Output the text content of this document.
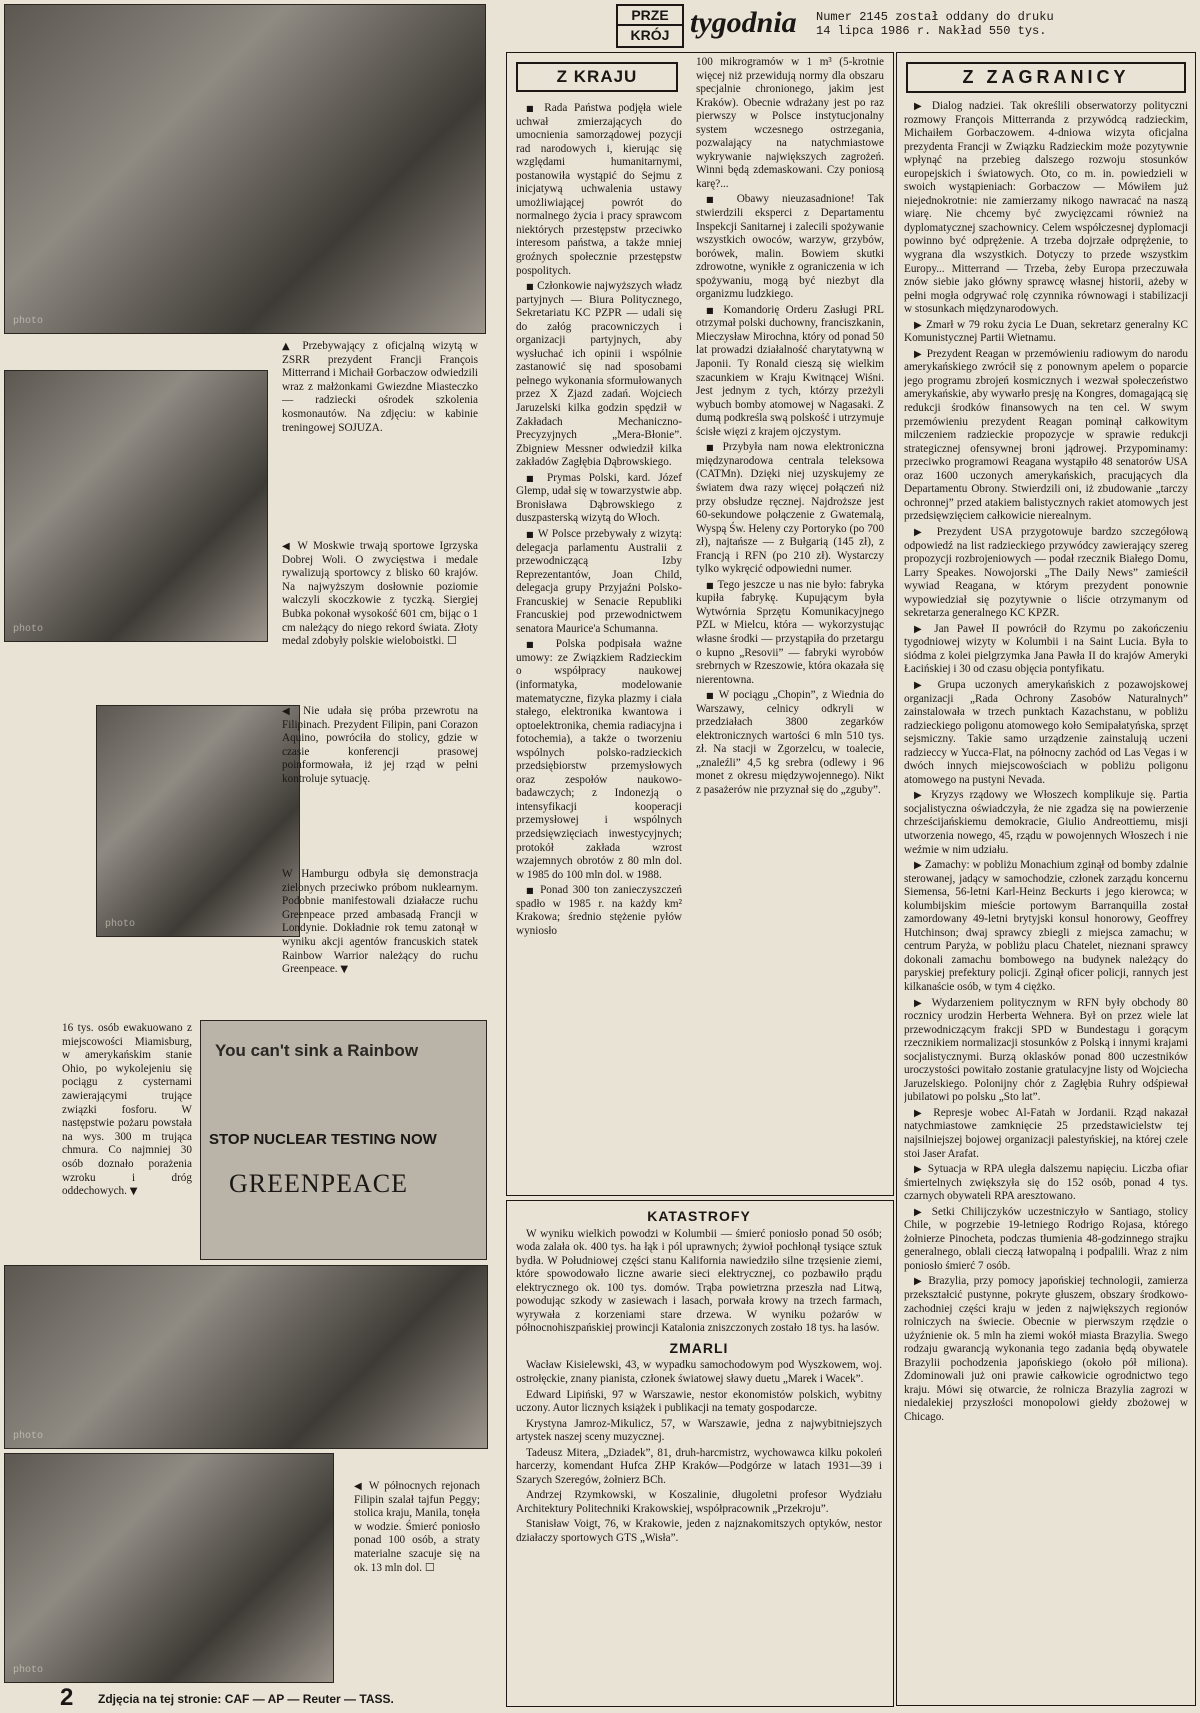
photo
photo
photo
You can't sink a Rainbow
STOP NUCLEAR TESTING NOW
GREENPEACE
photo
photo
▲ Przebywający z oficjalną wizytą w ZSRR prezydent Francji François Mitterrand i Michaił Gorbaczow odwiedzili wraz z małżonkami Gwiezdne Miasteczko — radziecki ośrodek szkolenia kosmonautów. Na zdjęciu: w kabinie treningowej SOJUZA.
◀ W Moskwie trwają sportowe Igrzyska Dobrej Woli. O zwycięstwa i medale rywalizują sportowcy z blisko 60 krajów. Na najwyższym dosłownie poziomie walczyli skoczkowie z tyczką. Siergiej Bubka pokonał wysokość 601 cm, bijąc o 1 cm należący do niego rekord świata. Złoty medal zdobyły polskie wieloboistki. ☐
◀ Nie udała się próba przewrotu na Filipinach. Prezydent Filipin, pani Corazon Aquino, powróciła do stolicy, gdzie w czasie konferencji prasowej poinformowała, iż jej rząd w pełni kontroluje sytuację.
W Hamburgu odbyła się demonstracja zielonych przeciwko próbom nuklearnym. Podobnie manifestowali działacze ruchu Greenpeace przed ambasadą Francji w Londynie. Dokładnie rok temu zatonął w wyniku akcji agentów francuskich statek Rainbow Warrior należący do ruchu Greenpeace. ▼
16 tys. osób ewakuowano z miejscowości Miamisburg, w amerykańskim stanie Ohio, po wykolejeniu się pociągu z cysternami zawierającymi trujące związki fosforu. W następstwie pożaru powstała na wys. 300 m trująca chmura. Co najmniej 30 osób doznało porażenia wzroku i dróg oddechowych. ▼
◀ W północnych rejonach Filipin szalał tajfun Peggy; stolica kraju, Manila, tonęła w wodzie. Śmierć poniosło ponad 100 osób, a straty materialne szacuje się na ok. 13 mln dol. ☐
2 Zdjęcia na tej stronie: CAF — AP — Reuter — TASS.
PRZE
KRÓJ tygodnia Numer 2145 został oddany do druku
14 lipca 1986 r. Nakład 550 tys.
Z KRAJU

■ Rada Państwa podjęła wiele uchwał zmierzających do umocnienia samorządowej pozycji rad narodowych i, kierując się względami humanitarnymi, postanowiła wystąpić do Sejmu z inicjatywą uchwalenia ustawy umożliwiającej powrót do normalnego życia i pracy sprawcom niektórych przestępstw przeciwko interesom państwa, a także mniej groźnych społecznie przestępstw pospolitych.

■ Członkowie najwyższych władz partyjnych — Biura Politycznego, Sekretariatu KC PZPR — udali się do załóg pracowniczych i organizacji partyjnych, aby wysłuchać ich opinii i wspólnie zastanowić się nad sposobami pełnego wykonania sformułowanych przez X Zjazd zadań. Wojciech Jaruzelski kilka godzin spędził w Zakładach Mechaniczno-Precyzyjnych „Mera-Błonie”. Zbigniew Messner odwiedził kilka zakładów Zagłębia Dąbrowskiego.

■ Prymas Polski, kard. Józef Glemp, udał się w towarzystwie abp. Bronisława Dąbrowskiego z duszpasterską wizytą do Włoch.

■ W Polsce przebywały z wizytą: delegacja parlamentu Australii z przewodniczącą Izby Reprezentantów, Joan Child, delegacja grupy Przyjaźni Polsko-Francuskiej w Senacie Republiki Francuskiej pod przewodnictwem senatora Maurice'a Schumanna.

■ Polska podpisała ważne umowy: ze Związkiem Radzieckim o współpracy naukowej (informatyka, modelowanie matematyczne, fizyka plazmy i ciała stałego, elektronika kwantowa i optoelektronika, chemia radiacyjna i fotochemia), a także o tworzeniu wspólnych polsko-radzieckich przedsiębiorstw przemysłowych oraz zespołów naukowo-badawczych; z Indonezją o intensyfikacji kooperacji przemysłowej i wspólnych przedsięwzięciach inwestycyjnych; protokół zakłada wzrost wzajemnych obrotów z 80 mln dol. w 1985 do 100 mln dol. w 1988.

■ Ponad 300 ton zanieczyszczeń spadło w 1985 r. na każdy km² Krakowa; średnio stężenie pyłów wyniosło

100 mikrogramów w 1 m³ (5-krotnie więcej niż przewidują normy dla obszaru specjalnie chronionego, jakim jest Kraków). Obecnie wdrażany jest po raz pierwszy w Polsce instytucjonalny system wczesnego ostrzegania, pozwalający na natychmiastowe wykrywanie największych zagrożeń. Winni będą zdemaskowani. Czy poniosą karę?...

■ Obawy nieuzasadnione! Tak stwierdzili eksperci z Departamentu Inspekcji Sanitarnej i zalecili spożywanie wszystkich owoców, warzyw, grzybów, borówek, malin. Bowiem skutki zdrowotne, wynikłe z ograniczenia w ich spożywaniu, mogą być niezbyt dla organizmu ludzkiego.

■ Komandorię Orderu Zasługi PRL otrzymał polski duchowny, franciszkanin, Mieczysław Mirochna, który od ponad 50 lat prowadzi działalność charytatywną w Japonii. Ty Ronald cieszą się wielkim szacunkiem w Kraju Kwitnącej Wiśni. Jest jednym z tych, którzy przeżyli wybuch bomby atomowej w Nagasaki. Z dumą podkreśla swą polskość i utrzymuje ścisłe więzi z krajem ojczystym.

■ Przybyła nam nowa elektroniczna międzynarodowa centrala teleksowa (CATMn). Dzięki niej uzyskujemy ze światem dwa razy więcej połączeń niż przy obsłudze ręcznej. Najdroższe jest 60-sekundowe połączenie z Gwatemalą, Wyspą Św. Heleny czy Portoryko (po 700 zł), najtańsze — z Bułgarią (145 zł), z Francją i RFN (po 210 zł). Wystarczy tylko wykręcić odpowiedni numer.

■ Tego jeszcze u nas nie było: fabryka kupiła fabrykę. Kupującym była Wytwórnia Sprzętu Komunikacyjnego PZL w Mielcu, która — wykorzystując własne środki — przystąpiła do przetargu o kupno „Resovii” — fabryki wyrobów srebrnych w Rzeszowie, która okazała się nierentowna.

■ W pociągu „Chopin”, z Wiednia do Warszawy, celnicy odkryli w przedziałach 3800 zegarków elektronicznych wartości 6 mln 510 tys. zł. Na stacji w Zgorzelcu, w toalecie, „znaleźli” 4,5 kg srebra (odlewy i 96 monet z okresu międzywojennego). Nikt z pasażerów nie przyznał się do „zguby”.

KATASTROFY

W wyniku wielkich powodzi w Kolumbii — śmierć poniosło ponad 50 osób; woda zalała ok. 400 tys. ha łąk i pól uprawnych; żywioł pochłonął tysiące sztuk bydła. W Południowej części stanu Kalifornia nawiedziło silne trzęsienie ziemi, które spowodowało liczne awarie sieci elektrycznej, co pozbawiło prądu elektrycznego ok. 100 tys. domów. Trąba powietrzna przeszła nad Litwą, powodując szkody w zasiewach i lasach, porwała krowy na trzech farmach, wyrywała z korzeniami stare drzewa. W wyniku pożarów w północnohiszpańskiej prowincji Katalonia zniszczonych zostało 18 tys. ha lasów.

ZMARLI

Wacław Kisielewski, 43, w wypadku samochodowym pod Wyszkowem, woj. ostrołęckie, znany pianista, członek światowej sławy duetu „Marek i Wacek”.

Edward Lipiński, 97 w Warszawie, nestor ekonomistów polskich, wybitny uczony. Autor licznych książek i publikacji na tematy gospodarcze.

Krystyna Jamroz-Mikulicz, 57, w Warszawie, jedna z najwybitniejszych artystek naszej sceny muzycznej.

Tadeusz Mitera, „Dziadek”, 81, druh-harcmistrz, wychowawca kilku pokoleń harcerzy, komendant Hufca ZHP Kraków—Podgórze w latach 1931—39 i Szarych Szeregów, żołnierz BCh.

Andrzej Rzymkowski, w Koszalinie, długoletni profesor Wydziału Architektury Politechniki Krakowskiej, współpracownik „Przekroju”.

Stanisław Voigt, 76, w Krakowie, jeden z najznakomitszych optyków, nestor działaczy sportowych GTS „Wisła”.

Z ZAGRANICY

▶ Dialog nadziei. Tak określili obserwatorzy polityczni rozmowy François Mitterranda z przywódcą radzieckim, Michaiłem Gorbaczowem. 4-dniowa wizyta oficjalna prezydenta Francji w Związku Radzieckim może pozytywnie wpłynąć na przebieg dalszego rozwoju stosunków europejskich i światowych. Oto, co m. in. powiedzieli w swoich wystąpieniach: Gorbaczow — Mówiłem już niejednokrotnie: nie zamierzamy nikogo nawracać na naszą wiarę. Nie chcemy być zwycięzcami również na dyplomatycznej szachownicy. Celem współczesnej dyplomacji powinno być odprężenie. A trzeba dojrzałe odprężenie, to wygrana dla wszystkich. Dotyczy to przede wszystkim Europy... Mitterrand — Trzeba, żeby Europa przeczuwała znów siebie jako główny sprawcę własnej historii, ażeby w pełni mogła odgrywać rolę czynnika równowagi i stabilizacji w stosunkach międzynarodowych.

▶ Zmarł w 79 roku życia Le Duan, sekretarz generalny KC Komunistycznej Partii Wietnamu.

▶ Prezydent Reagan w przemówieniu radiowym do narodu amerykańskiego zwrócił się z ponownym apelem o poparcie jego programu zbrojeń kosmicznych i wezwał społeczeństwo amerykańskie, aby wywarło presję na Kongres, domagającą się redukcji środków finansowych na ten cel. W swym przemówieniu prezydent Reagan pominął całkowitym milczeniem radzieckie propozycje w sprawie redukcji strategicznej ofensywnej broni jądrowej. Przypominamy: przeciwko programowi Reagana wystąpiło 48 senatorów USA oraz 1600 uczonych amerykańskich, pracujących dla Departamentu Obrony. Stwierdzili oni, iż zbudowanie „tarczy ochronnej” przed atakiem balistycznych rakiet atomowych jest przedsięwzięciem całkowicie nierealnym.

▶ Prezydent USA przygotowuje bardzo szczegółową odpowiedź na list radzieckiego przywódcy zawierający szereg propozycji rozbrojeniowych — podał rzecznik Białego Domu, Larry Speakes. Nowojorski „The Daily News” zamieścił wywiad Reagana, w którym prezydent ponownie wypowiedział się pozytywnie o liście otrzymanym od sekretarza generalnego KC KPZR.

▶ Jan Paweł II powrócił do Rzymu po zakończeniu tygodniowej wizyty w Kolumbii i na Saint Lucia. Była to siódma z kolei pielgrzymka Jana Pawła II do krajów Ameryki Łacińskiej i 30 od czasu objęcia pontyfikatu.

▶ Grupa uczonych amerykańskich z pozawojskowej organizacji „Rada Ochrony Zasobów Naturalnych” zainstalowała w trzech punktach Kazachstanu, w pobliżu radzieckiego poligonu atomowego koło Semipałatyńska, sprzęt sejsmiczny. Takie samo urządzenie zainstalują uczeni radzieccy w Yucca-Flat, na północny zachód od Las Vegas i w dwóch innych miejscowościach w pobliżu poligonu atomowego na pustyni Nevada.

▶ Kryzys rządowy we Włoszech komplikuje się. Partia socjalistyczna oświadczyła, że nie zgadza się na powierzenie chrześcijańskiemu demokracie, Giulio Andreottiemu, misji utworzenia nowego, 45, rządu w powojennych Włoszech i nie weźmie w nim udziału.

▶ Zamachy: w pobliżu Monachium zginął od bomby zdalnie sterowanej, jadący w samochodzie, członek zarządu koncernu Siemensa, 56-letni Karl-Heinz Beckurts i jego kierowca; w kolumbijskim mieście portowym Barranquilla został zamordowany 49-letni brytyjski konsul honorowy, Geoffrey Hutchinson; dwaj sprawcy zbiegli z miejsca zamachu; w centrum Paryża, w pobliżu placu Chatelet, nieznani sprawcy dokonali zamachu bombowego na budynek należący do paryskiej prefektury policji. Zginął oficer policji, rannych jest kilkanaście osób, w tym 4 ciężko.

▶ Wydarzeniem politycznym w RFN były obchody 80 rocznicy urodzin Herberta Wehnera. Był on przez wiele lat przewodniczącym frakcji SPD w Bundestagu i gorącym rzecznikiem normalizacji stosunków z Polską i innymi krajami socjalistycznymi. Burzą oklasków ponad 800 uczestników uroczystości powitało zostanie gratulacyjne listy od Wojciecha Jaruzelskiego. Polonijny chór z Zagłębia Ruhry odśpiewał jubilatowi po polsku „Sto lat”.

▶ Represje wobec Al-Fatah w Jordanii. Rząd nakazał natychmiastowe zamknięcie 25 przedstawicielstw tej najsilniejszej bojowej organizacji palestyńskiej, na której czele stoi Jaser Arafat.

▶ Sytuacja w RPA uległa dalszemu napięciu. Liczba ofiar śmiertelnych zwiększyła się do 152 osób, ponad 4 tys. czarnych obywateli RPA aresztowano.

▶ Setki Chilijczyków uczestniczyło w Santiago, stolicy Chile, w pogrzebie 19-letniego Rodrigo Rojasa, którego żołnierze Pinocheta, podczas tłumienia 48-godzinnego strajku generalnego, oblali cieczą łatwopalną i podpalili. Wraz z nim poniosło śmierć 7 osób.

▶ Brazylia, przy pomocy japońskiej technologii, zamierza przekształcić pustynne, pokryte głuszem, obszary środkowo-zachodniej części kraju w jeden z największych regionów rolniczych na świecie. Obecnie w pierwszym rzędzie o użyźnienie ok. 5 mln ha ziemi wokół miasta Brazylia. Swego rodzaju gwarancją wykonania tego zadania będą obywatele Brazylii pochodzenia japońskiego (około pół miliona). Zdominowali już oni prawie całkowicie ogrodnictwo tego kraju. Mówi się otwarcie, że rolnicza Brazylia zagrozi w niedalekiej przyszłości monopolowi giełdy zbożowej w Chicago.
